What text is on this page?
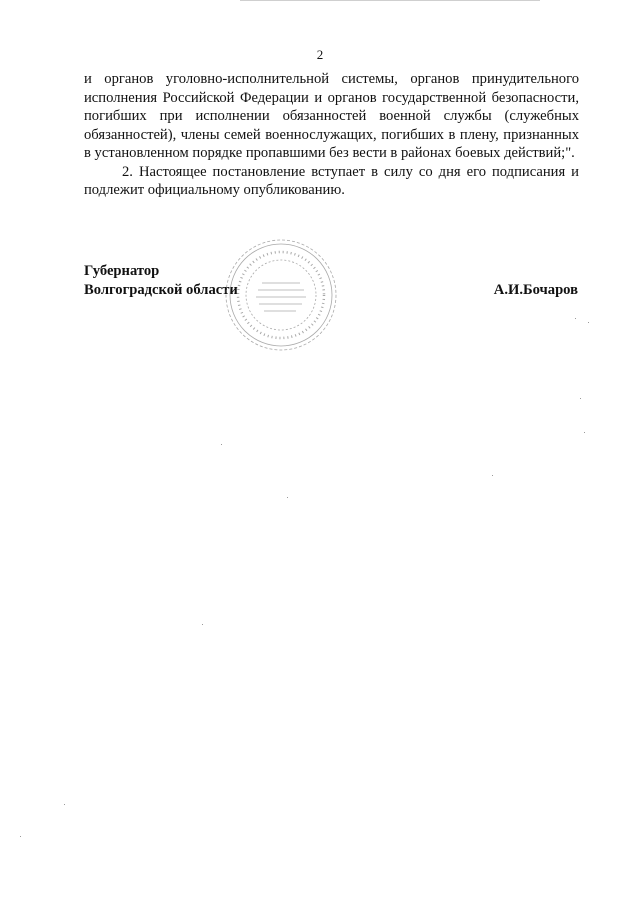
2

и органов уголовно-исполнительной системы, органов принудительного исполнения Российской Федерации и органов государственной безопасности, погибших при исполнении обязанностей военной службы (служебных обязанностей), члены семей военнослужащих, погибших в плену, признанных в установленном порядке пропавшими без вести в районах боевых действий;".

2. Настоящее постановление вступает в силу со дня его подписания и подлежит официальному опубликованию.

Губернатор
Волгоградской области	А.И.Бочаров
